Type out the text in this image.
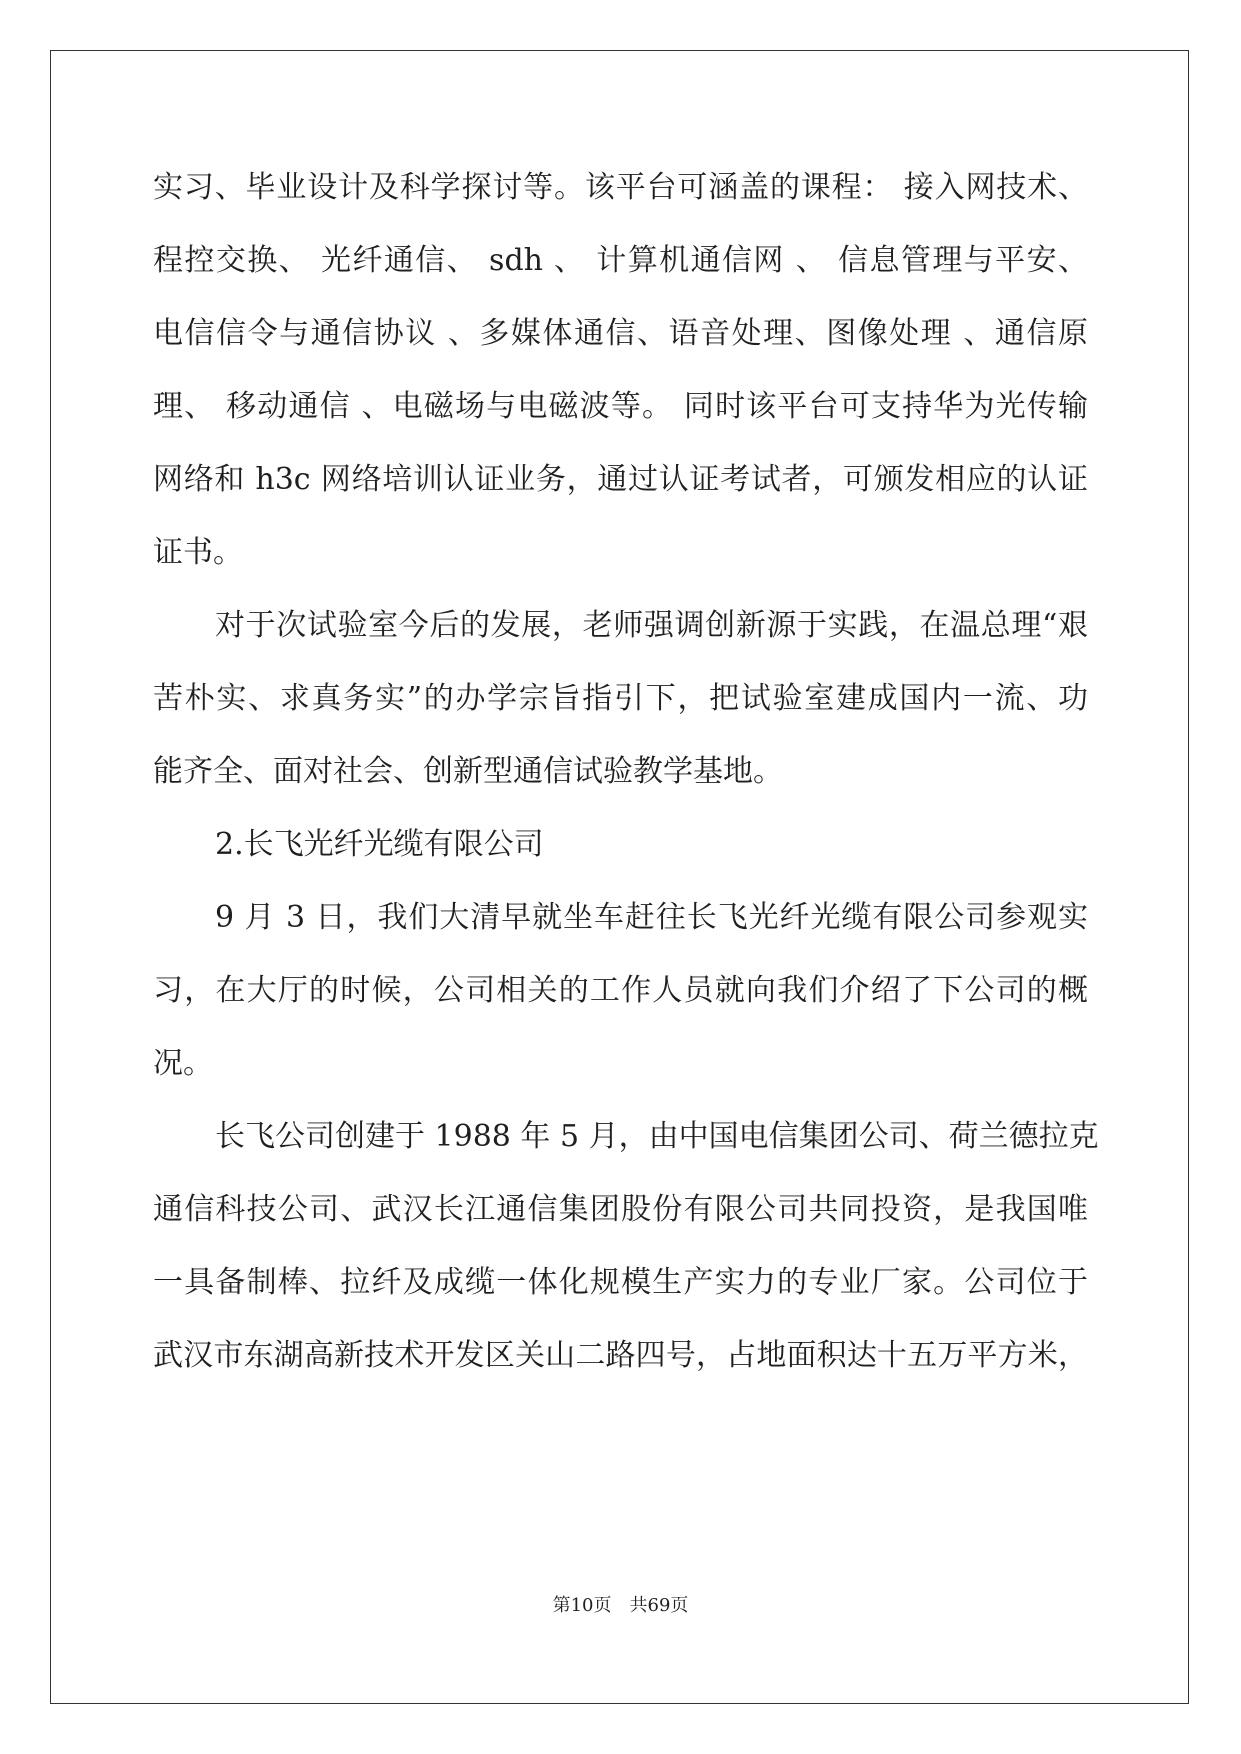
实习、毕业设计及科学探讨等。该平台可涵盖的课程： 接入网技术、
程控交换、 光纤通信、 sdh 、 计算机通信网 、 信息管理与平安、
电信信令与通信协议 、多媒体通信、语音处理、图像处理 、通信原
理、 移动通信 、电磁场与电磁波等。 同时该平台可支持华为光传输
网络和 h3c 网络培训认证业务，通过认证考试者，可颁发相应的认证
证书。
对于次试验室今后的发展，老师强调创新源于实践，在温总理“艰
苦朴实、求真务实”的办学宗旨指引下，把试验室建成国内一流、功
能齐全、面对社会、创新型通信试验教学基地。
2.长飞光纤光缆有限公司
9 月 3 日，我们大清早就坐车赶往长飞光纤光缆有限公司参观实
习，在大厅的时候，公司相关的工作人员就向我们介绍了下公司的概
况。
长飞公司创建于 1988 年 5 月，由中国电信集团公司、荷兰德拉克
通信科技公司、武汉长江通信集团股份有限公司共同投资，是我国唯
一具备制棒、拉纤及成缆一体化规模生产实力的专业厂家。公司位于
武汉市东湖高新技术开发区关山二路四号，占地面积达十五万平方米，
第10页 共69页
